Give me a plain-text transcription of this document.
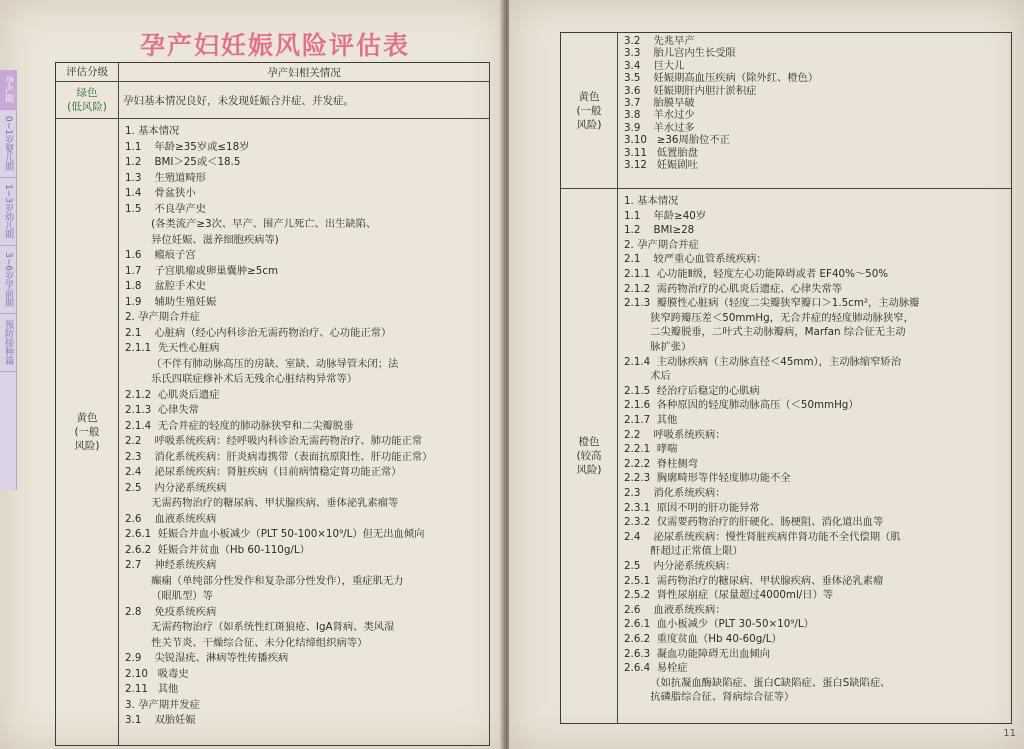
孕产期
0~1岁婴儿期
1~3岁幼儿期
3~6岁学前期
预防接种篇
孕产妇妊娠风险评估表
评估分级	孕产妇相关情况
绿色
(低风险)
孕妇基本情况良好，未发现妊娠合并症、并发症。
黄色
(一般
风险)
1. 基本情况
1.1    年龄≥35岁或≤18岁
1.2    BMI＞25或＜18.5
1.3    生殖道畸形
1.4    骨盆狭小
1.5    不良孕产史
(各类流产≥3次、早产、围产儿死亡、出生缺陷、
异位妊娠、滋养细胞疾病等)
1.6    瘢痕子宫
1.7    子宫肌瘤或卵巢囊肿≥5cm
1.8    盆腔手术史
1.9    辅助生殖妊娠
2. 孕产期合并症
2.1    心脏病（经心内科诊治无需药物治疗、心功能正常）
2.1.1  先天性心脏病
（不伴有肺动脉高压的房缺、室缺、动脉导管未闭；法
乐氏四联症修补术后无残余心脏结构异常等）
2.1.2  心肌炎后遗症
2.1.3  心律失常
2.1.4  无合并症的轻度的肺动脉狭窄和二尖瓣脱垂
2.2    呼吸系统疾病：经呼吸内科诊治无需药物治疗、肺功能正常
2.3    消化系统疾病：肝炎病毒携带（表面抗原阳性、肝功能正常）
2.4    泌尿系统疾病：肾脏疾病（目前病情稳定肾功能正常）
2.5    内分泌系统疾病
无需药物治疗的糖尿病、甲状腺疾病、垂体泌乳素瘤等
2.6    血液系统疾病
2.6.1  妊娠合并血小板减少（PLT 50-100×10⁹/L）但无出血倾向
2.6.2  妊娠合并贫血（Hb 60-110g/L）
2.7    神经系统疾病
癫痫（单纯部分性发作和复杂部分性发作），重症肌无力
（眼肌型）等
2.8    免疫系统疾病
无需药物治疗（如系统性红斑狼疮、IgA肾病、类风湿
性关节炎、干燥综合征、未分化结缔组织病等）
2.9    尖锐湿疣、淋病等性传播疾病
2.10   吸毒史
2.11   其他
3. 孕产期并发症
3.1    双胎妊娠
黄色
(一般
风险)
3.2    先兆早产
3.3    胎儿宫内生长受限
3.4    巨大儿
3.5    妊娠期高血压疾病（除外红、橙色）
3.6    妊娠期肝内胆汁淤积症
3.7    胎膜早破
3.8    羊水过少
3.9    羊水过多
3.10   ≥36周胎位不正
3.11   低置胎盘
3.12   妊娠剧吐
橙色
(较高
风险)
1. 基本情况
1.1    年龄≥40岁
1.2    BMI≥28
2. 孕产期合并症
2.1    较严重心血管系统疾病：
2.1.1  心功能Ⅱ级，轻度左心功能障碍或者 EF40%～50%
2.1.2  需药物治疗的心肌炎后遗症、心律失常等
2.1.3  瓣膜性心脏病（轻度二尖瓣狭窄瓣口＞1.5cm²，主动脉瓣
狭窄跨瓣压差＜50mmHg，无合并症的轻度肺动脉狭窄，
二尖瓣脱垂，二叶式主动脉瓣病，Marfan 综合征无主动
脉扩张）
2.1.4  主动脉疾病（主动脉直径＜45mm），主动脉缩窄矫治
术后
2.1.5  经治疗后稳定的心肌病
2.1.6  各种原因的轻度肺动脉高压（＜50mmHg）
2.1.7  其他
2.2    呼吸系统疾病：
2.2.1  哮喘
2.2.2  脊柱侧弯
2.2.3  胸廓畸形等伴轻度肺功能不全
2.3    消化系统疾病：
2.3.1  原因不明的肝功能异常
2.3.2  仅需要药物治疗的肝硬化、肠梗阻、消化道出血等
2.4    泌尿系统疾病：慢性肾脏疾病伴肾功能不全代偿期（肌
酐超过正常值上限）
2.5    内分泌系统疾病：
2.5.1  需药物治疗的糖尿病、甲状腺疾病、垂体泌乳素瘤
2.5.2  肾性尿崩症（尿量超过4000ml/日）等
2.6    血液系统疾病：
2.6.1  血小板减少（PLT 30-50×10⁹/L）
2.6.2  重度贫血（Hb 40-60g/L）
2.6.3  凝血功能障碍无出血倾向
2.6.4  易栓症
（如抗凝血酶缺陷症、蛋白C缺陷症、蛋白S缺陷症、
抗磷脂综合征、肾病综合征等）
11
